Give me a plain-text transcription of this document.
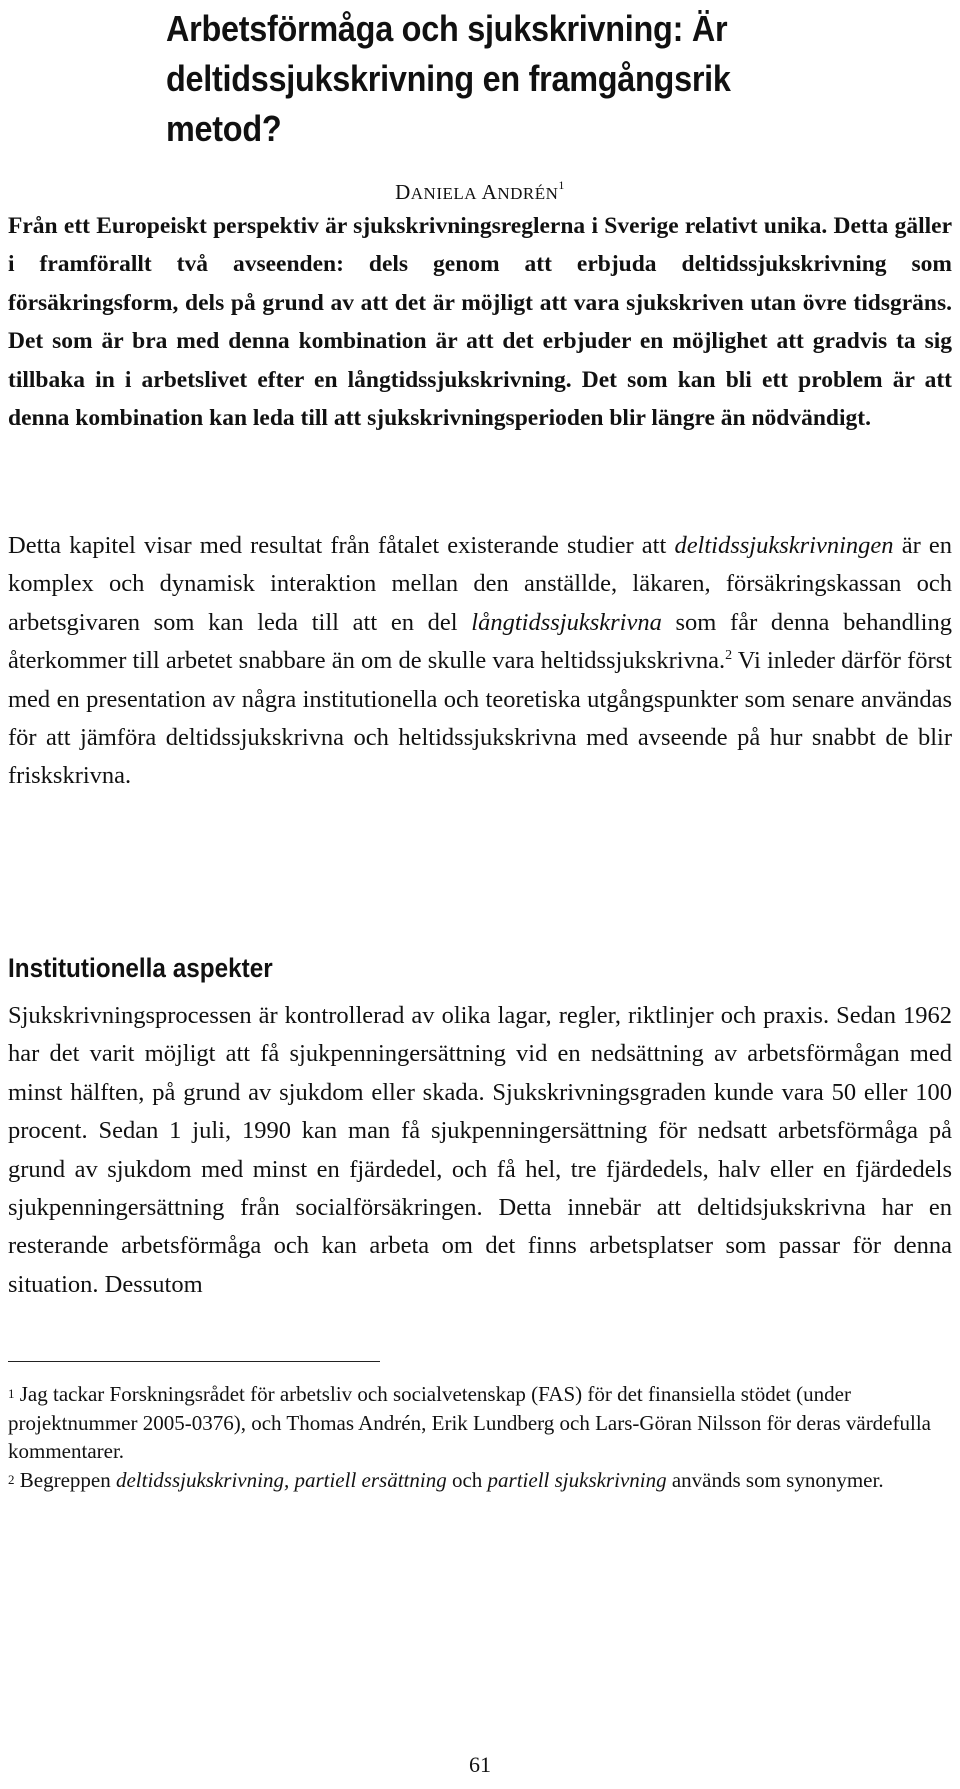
Arbetsförmåga och sjukskrivning: Är deltidssjukskrivning en framgångsrik metod?
DANIELA ANDRÉN$^1$

Från ett Europeiskt perspektiv är sjukskrivningsreglerna i Sverige relativt unika. Detta gäller i framförallt två avseenden: dels genom att erbjuda deltidssjukskrivning som försäkringsform, dels på grund av att det är möjligt att vara sjukskriven utan övre tidsgräns. Det som är bra med denna kombination är att det erbjuder en möjlighet att gradvis ta sig tillbaka in i arbetslivet efter en långtidssjukskrivning. Det som kan bli ett problem är att denna kombination kan leda till att sjukskrivningsperioden blir längre än nödvändigt.

Detta kapitel visar med resultat från fåtalet existerande studier att deltidssjukskrivningen är en komplex och dynamisk interaktion mellan den anställde, läkaren, försäkringskassan och arbetsgivaren som kan leda till att en del långtidssjukskrivna som får denna behandling återkommer till arbetet snabbare än om de skulle vara heltidssjukskrivna.$^2$ Vi inleder därför först med en presentation av några institutionella och teoretiska utgångspunkter som senare användas för att jämföra deltidssjukskrivna och heltidssjukskrivna med avseende på hur snabbt de blir friskskrivna.

Institutionella aspekter

Sjukskrivningsprocessen är kontrollerad av olika lagar, regler, riktlinjer och praxis. Sedan 1962 har det varit möjligt att få sjukpenningersättning vid en nedsättning av arbetsförmågan med minst hälften, på grund av sjukdom eller skada. Sjukskrivningsgraden kunde vara 50 eller 100 procent. Sedan 1 juli, 1990 kan man få sjukpenningersättning för nedsatt arbetsförmåga på grund av sjukdom med minst en fjärdedel, och få hel, tre fjärdedels, halv eller en fjärdedels sjukpenningersättning från socialförsäkringen. Detta innebär att deltidsjukskrivna har en resterande arbetsförmåga och kan arbeta om det finns arbetsplatser som passar för denna situation. Dessutom

$^1$ Jag tackar Forskningsrådet för arbetsliv och socialvetenskap (FAS) för det finansiella stödet (under projektnummer 2005-0376), och Thomas Andrén, Erik Lundberg och Lars-Göran Nilsson för deras värdefulla kommentarer.

$^2$ Begreppen deltidssjukskrivning, partiell ersättning och partiell sjukskrivning används som synonymer.

61
